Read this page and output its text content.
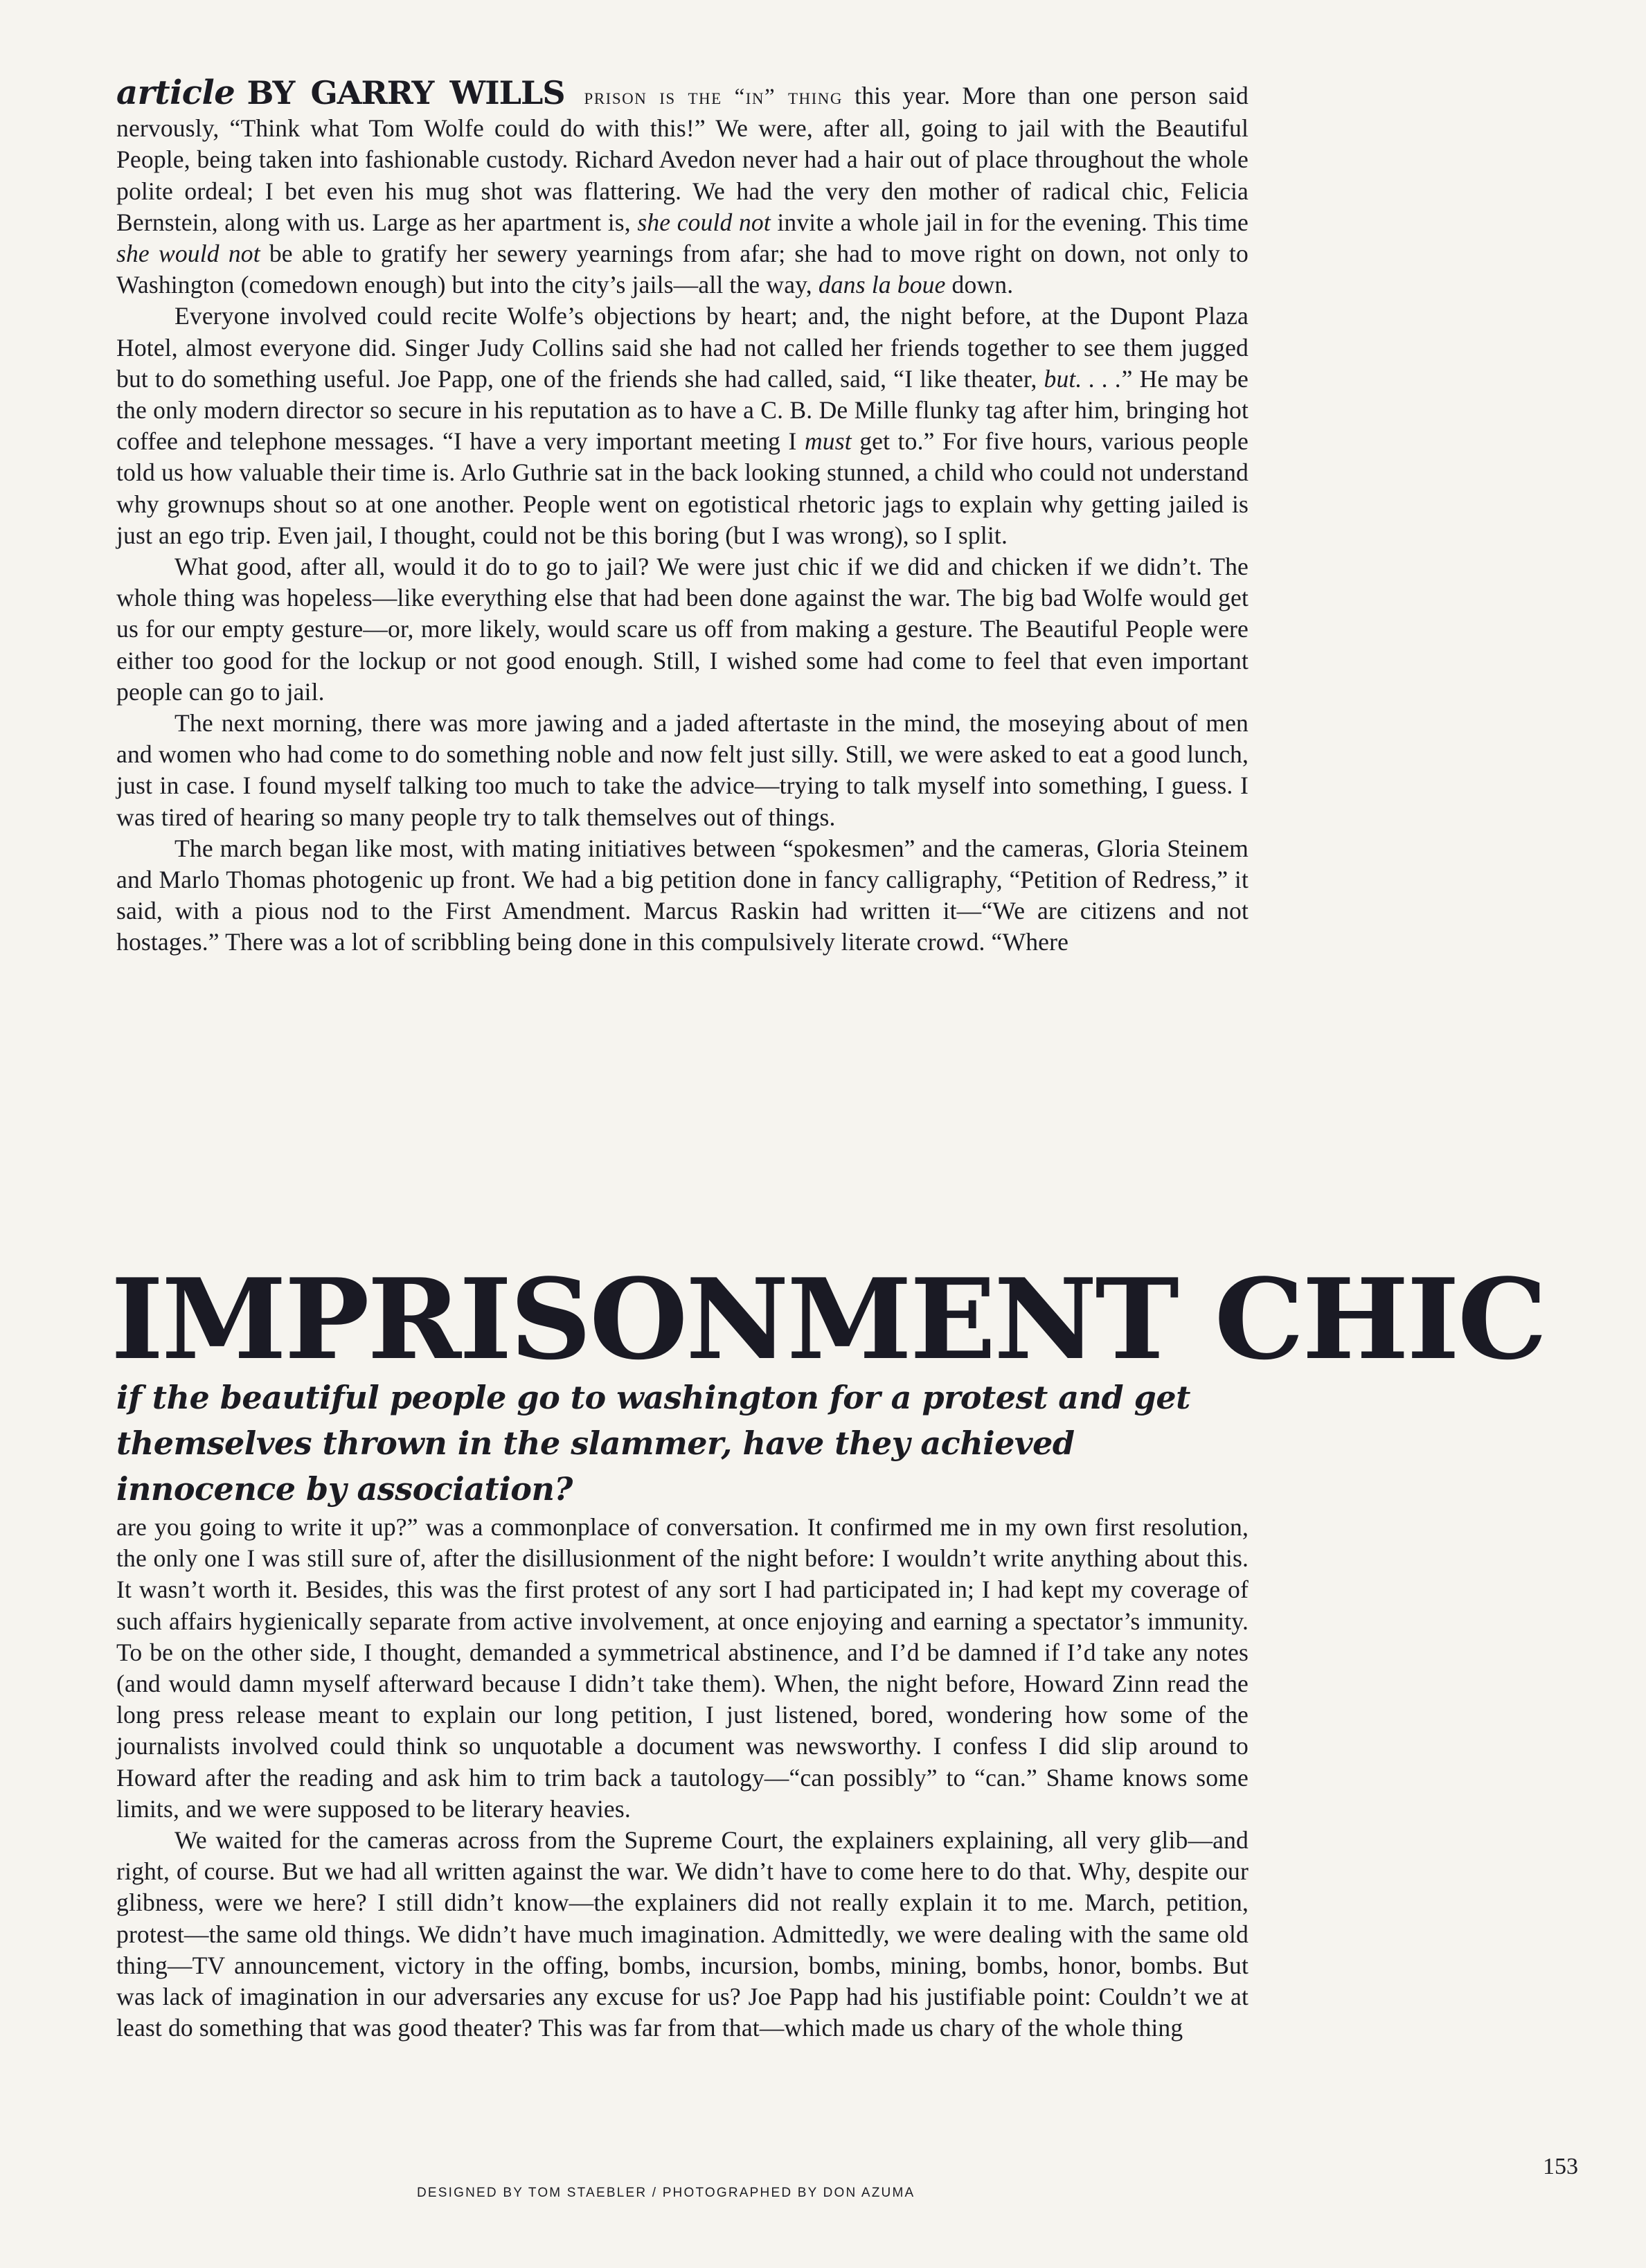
article BY GARRY WILLS prison is the “in” thing this year. More than one person said nervously, “Think what Tom Wolfe could do with this!” We were, after all, going to jail with the Beautiful People, being taken into fashionable custody. Richard Avedon never had a hair out of place throughout the whole polite ordeal; I bet even his mug shot was flattering. We had the very den mother of radical chic, Felicia Bernstein, along with us. Large as her apartment is, she could not invite a whole jail in for the evening. This time she would not be able to gratify her sewery yearnings from afar; she had to move right on down, not only to Washington (comedown enough) but into the city’s jails—all the way, dans la boue down.

Everyone involved could recite Wolfe’s objections by heart; and, the night before, at the Dupont Plaza Hotel, almost everyone did. Singer Judy Collins said she had not called her friends together to see them jugged but to do something useful. Joe Papp, one of the friends she had called, said, “I like theater, but. . . .” He may be the only modern director so secure in his reputation as to have a C. B. De Mille flunky tag after him, bringing hot coffee and telephone messages. “I have a very important meeting I must get to.” For five hours, various people told us how valuable their time is. Arlo Guthrie sat in the back looking stunned, a child who could not understand why grownups shout so at one another. People went on egotistical rhetoric jags to explain why getting jailed is just an ego trip. Even jail, I thought, could not be this boring (but I was wrong), so I split.

What good, after all, would it do to go to jail? We were just chic if we did and chicken if we didn’t. The whole thing was hopeless—like everything else that had been done against the war. The big bad Wolfe would get us for our empty gesture—or, more likely, would scare us off from making a gesture. The Beautiful People were either too good for the lockup or not good enough. Still, I wished some had come to feel that even important people can go to jail.

The next morning, there was more jawing and a jaded aftertaste in the mind, the moseying about of men and women who had come to do something noble and now felt just silly. Still, we were asked to eat a good lunch, just in case. I found myself talking too much to take the advice—trying to talk myself into something, I guess. I was tired of hearing so many people try to talk themselves out of things.

The march began like most, with mating initiatives between “spokesmen” and the cameras, Gloria Steinem and Marlo Thomas photogenic up front. We had a big petition done in fancy calligraphy, “Petition of Redress,” it said, with a pious nod to the First Amendment. Marcus Raskin had written it—“We are citizens and not hostages.” There was a lot of scribbling being done in this compulsively literate crowd. “Where

IMPRISONMENT CHIC
if the beautiful people go to washington for a protest and get themselves thrown in the slammer, have they achieved innocence by association?

are you going to write it up?” was a commonplace of conversation. It confirmed me in my own first resolution, the only one I was still sure of, after the disillusionment of the night before: I wouldn’t write anything about this. It wasn’t worth it. Besides, this was the first protest of any sort I had participated in; I had kept my coverage of such affairs hygienically separate from active involvement, at once enjoying and earning a spectator’s immunity. To be on the other side, I thought, demanded a symmetrical abstinence, and I’d be damned if I’d take any notes (and would damn myself afterward because I didn’t take them). When, the night before, Howard Zinn read the long press release meant to explain our long petition, I just listened, bored, wondering how some of the journalists involved could think so unquotable a document was newsworthy. I confess I did slip around to Howard after the reading and ask him to trim back a tautology—“can possibly” to “can.” Shame knows some limits, and we were supposed to be literary heavies.

We waited for the cameras across from the Supreme Court, the explainers explaining, all very glib—and right, of course. But we had all written against the war. We didn’t have to come here to do that. Why, despite our glibness, were we here? I still didn’t know—the explainers did not really explain it to me. March, petition, protest—the same old things. We didn’t have much imagination. Admittedly, we were dealing with the same old thing—TV announcement, victory in the offing, bombs, incursion, bombs, mining, bombs, honor, bombs. But was lack of imagination in our adversaries any excuse for us? Joe Papp had his justifiable point: Couldn’t we at least do something that was good theater? This was far from that—which made us chary of the whole thing

153
DESIGNED BY TOM STAEBLER / PHOTOGRAPHED BY DON AZUMA
